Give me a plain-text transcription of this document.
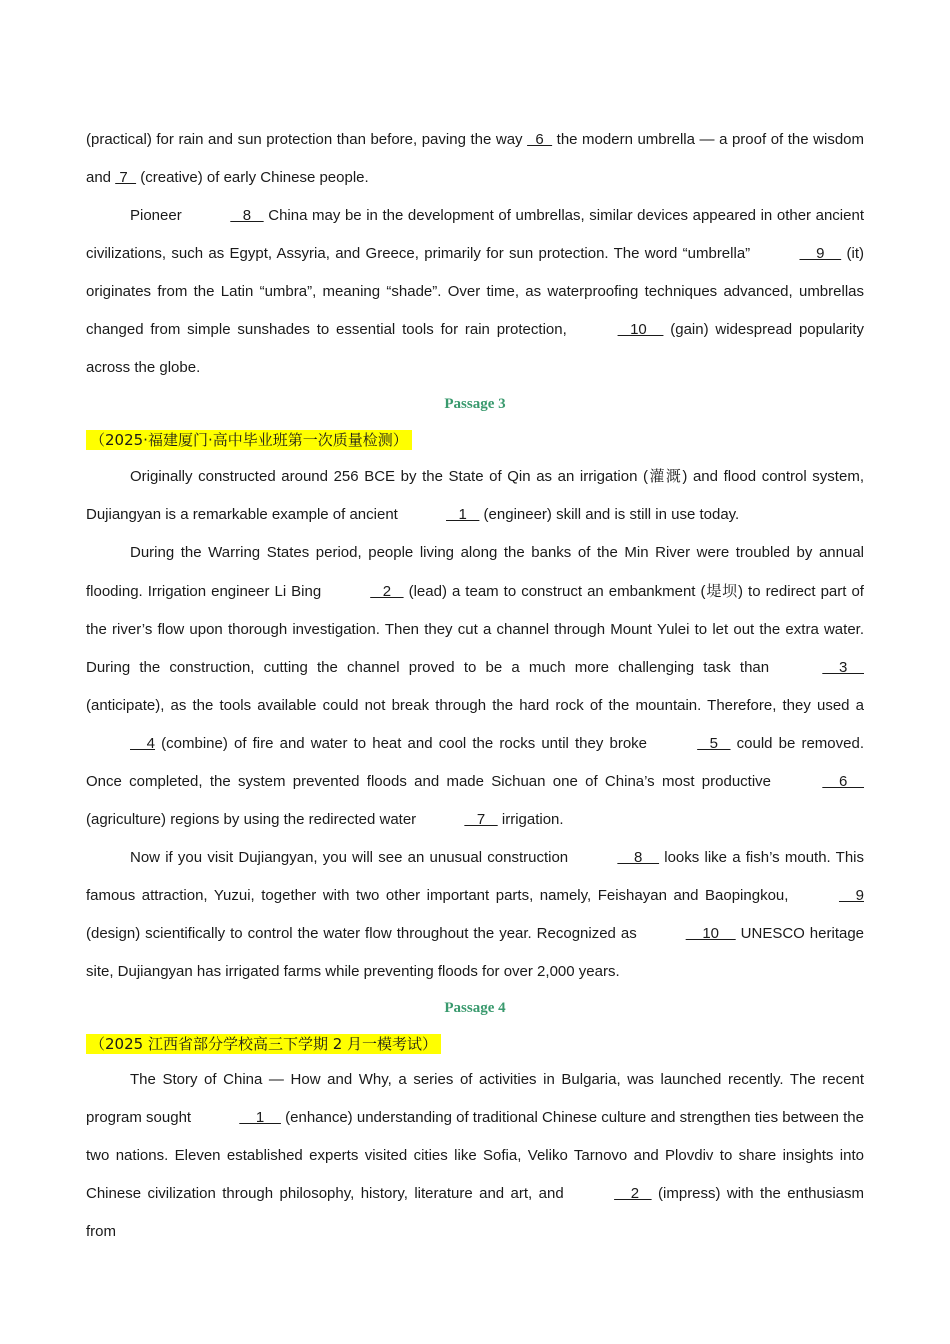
(practical) for rain and sun protection than before, paving the way   6   the modern umbrella — a proof of the wisdom and  7   (creative) of early Chinese people.

Pioneer	8    China may be in the development of umbrellas, similar devices appeared in other ancient civilizations, such as Egypt, Assyria, and Greece, primarily for sun protection. The word “umbrella”	9     (it) originates from the Latin “umbra”, meaning “shade”. Over time, as waterproofing techniques advanced, umbrellas changed from simple sunshades to essential tools for rain protection,	10     (gain) widespread popularity across the globe.

Passage 3

（2025·福建厦门·高中毕业班第一次质量检测）

Originally constructed around 256 BCE by the State of Qin as an irrigation (灌溉) and flood control system, Dujiangyan is a remarkable example of ancient	1    (engineer) skill and is still in use today.

During the Warring States period, people living along the banks of the Min River were troubled by annual flooding. Irrigation engineer Li Bing	2    (lead) a team to construct an embankment (堤坝) to redirect part of the river’s flow upon thorough investigation. Then they cut a channel through Mount Yulei to let out the extra water. During the construction, cutting the channel proved to be a much more challenging task than	3     (anticipate), as the tools available could not break through the hard rock of the mountain. Therefore, they used a     4 (combine) of fire and water to heat and cool the rocks until they broke	5    could be removed. Once completed, the system prevented floods and made Sichuan one of China’s most productive	6     (agriculture) regions by using the redirected water	7    irrigation.

Now if you visit Dujiangyan, you will see an unusual construction	8     looks like a fish’s mouth. This famous attraction, Yuzui, together with two other important parts, namely, Feishayan and Baopingkou,	9 (design) scientifically to control the water flow throughout the year. Recognized as	10     UNESCO heritage site, Dujiangyan has irrigated farms while preventing floods for over 2,000 years.

Passage 4

（2025 江西省部分学校高三下学期 2 月一模考试）

The Story of China — How and Why, a series of activities in Bulgaria, was launched recently. The recent program sought	1     (enhance) understanding of traditional Chinese culture and strengthen ties between the two nations. Eleven established experts visited cities like Sofia, Veliko Tarnovo and Plovdiv to share insights into Chinese civilization through philosophy, history, literature and art, and	2    (impress) with the enthusiasm from
